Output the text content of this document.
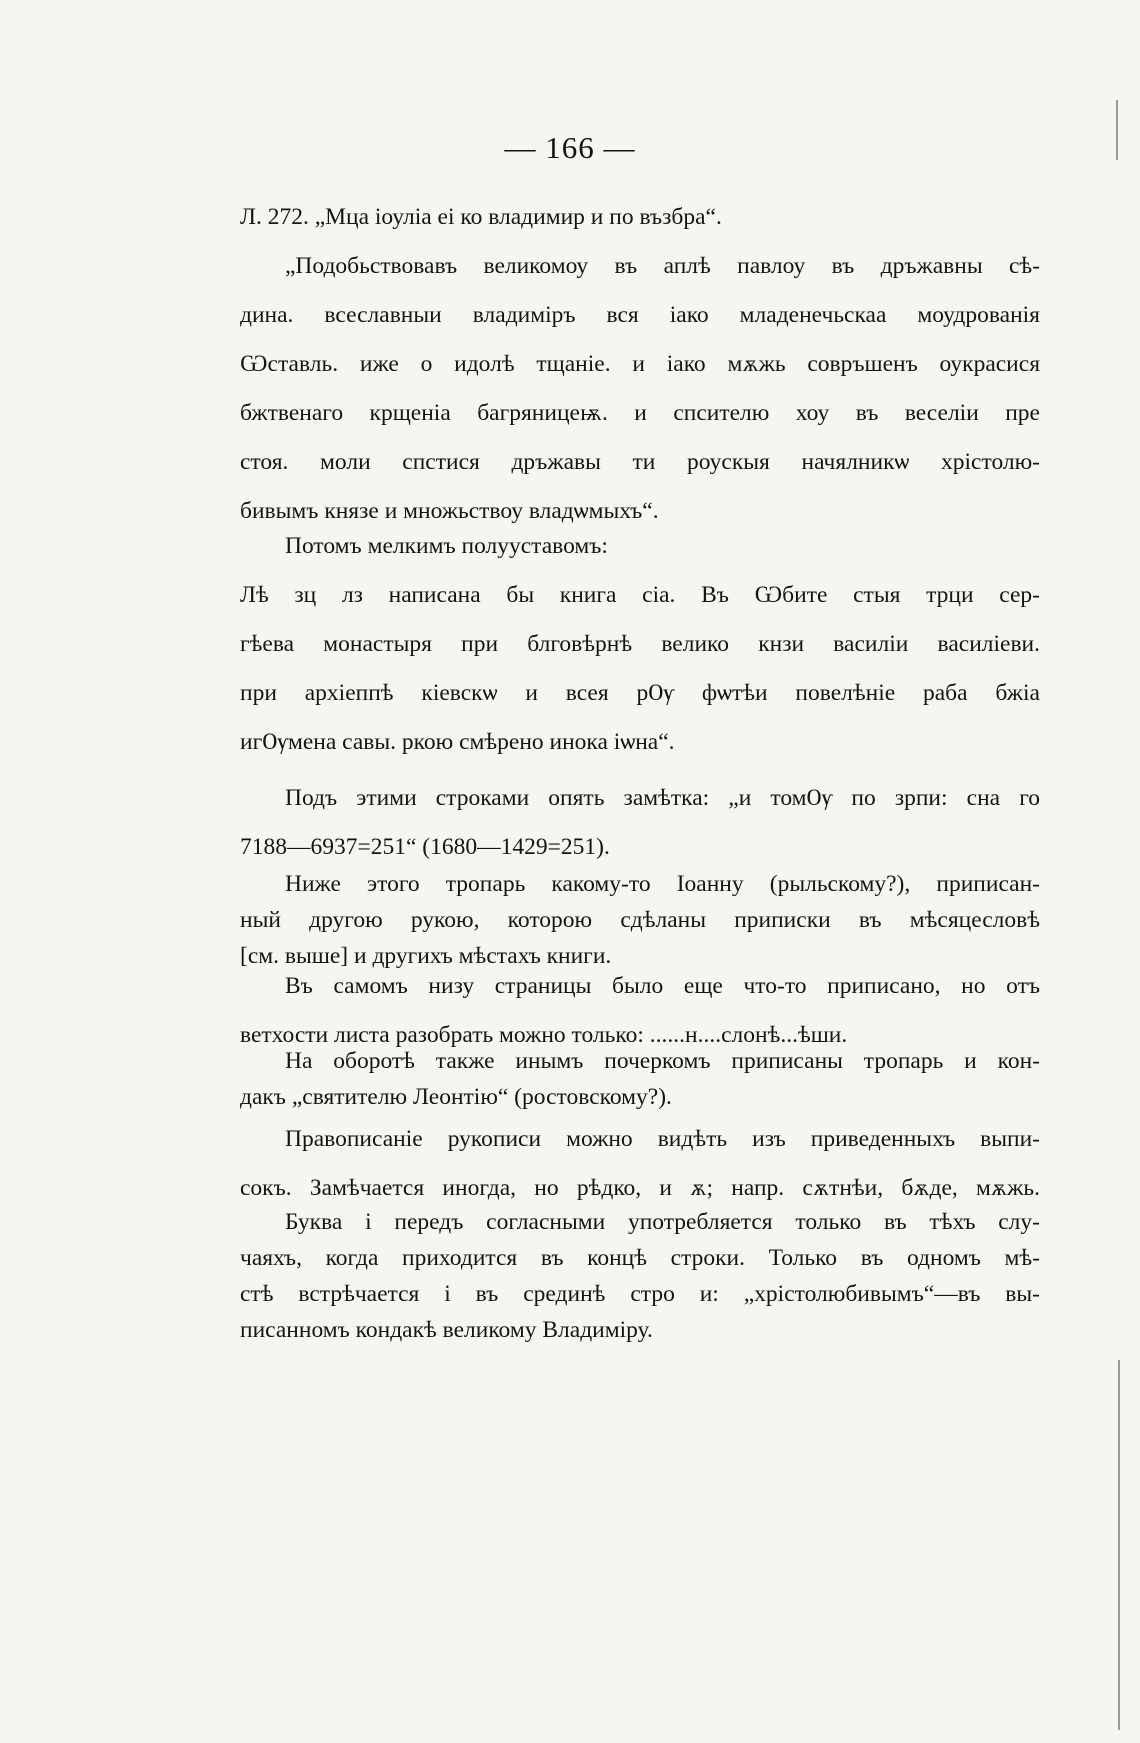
— 166 —
Л. 272. „Мца іоуліа еі ко владимир и по възбра“.
„Подобьствовавъ великомоу въ аплѣ павлоу въ дръжавны сѣ-
дина. всеславныи владиміръ вся іако младенечьскаа моудрованія
Ѡставль. иже о идолѣ тщаніе. и іако мѫжь совръшенъ оукрасися
бжтвенаго крщеніа багряницеѭ. и спсителю хоу въ веселіи пре
стоя. моли спстися дръжавы ти роускыя начялникѡ хрістолю-
бивымъ князе и множьствоу владѡмыхъ“.
Потомъ мелкимъ полууставомъ:
Лѣ зц лз написана бы книга сіа. Въ Ѡбите стыя трци сер-
гѣева монастыря при блговѣрнѣ велико кнзи василіи василіеви.
при архіеппѣ кіевскѡ и всея рѸ фѡтѣи повелѣніе раба бжіа
игѸмена савы. ркою смѣрено инока іѡна“.
Подъ этими строками опять замѣтка: „и томѸ по зрпи: сна го
7188—6937=251“ (1680—1429=251).
Ниже этого тропарь какому-то Іоанну (рыльскому?), приписан-
ный другою рукою, которою сдѣланы приписки въ мѣсяцесловѣ
[см. выше] и другихъ мѣстахъ книги.
Въ самомъ низу страницы было еще что-то приписано, но отъ
ветхости листа разобрать можно только: ......н....слонѣ...ѣши.
На оборотѣ также инымъ почеркомъ приписаны тропарь и кон-
дакъ „святителю Леонтію“ (ростовскому?).
Правописаніе рукописи можно видѣть изъ приведенныхъ выпи-
сокъ. Замѣчается иногда, но рѣдко, и ѫ; напр. сѫтнѣи, бѫде, мѫжь.
Буква і передъ согласными употребляется только въ тѣхъ слу-
чаяхъ, когда приходится въ концѣ строки. Только въ одномъ мѣ-
стѣ встрѣчается і въ срединѣ стро и: „хрістолюбивымъ“—въ вы-
писанномъ кондакѣ великому Владиміру.
